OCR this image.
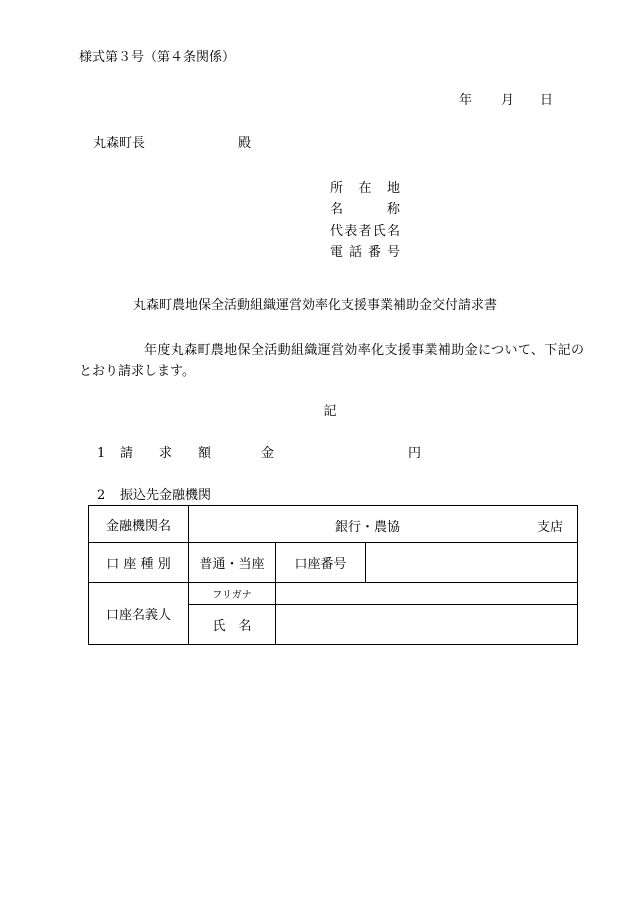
様式第３号（第４条関係）
年 月 日
丸森町長	殿
所　在　地
名　　　称
代表者氏名
電 話 番 号
丸森町農地保全活動組織運営効率化支援事業補助金交付請求書
年度丸森町農地保全活動組織運営効率化支援事業補助金について、下記のとおり請求します。
記
1	請　　求　　額	金	円
2 振込先金融機関
金融機関名	銀行・農協 支店		

口 座 種 別	普通・当座	口座番号	
口座名義人	フリガナ		
	氏　名		
